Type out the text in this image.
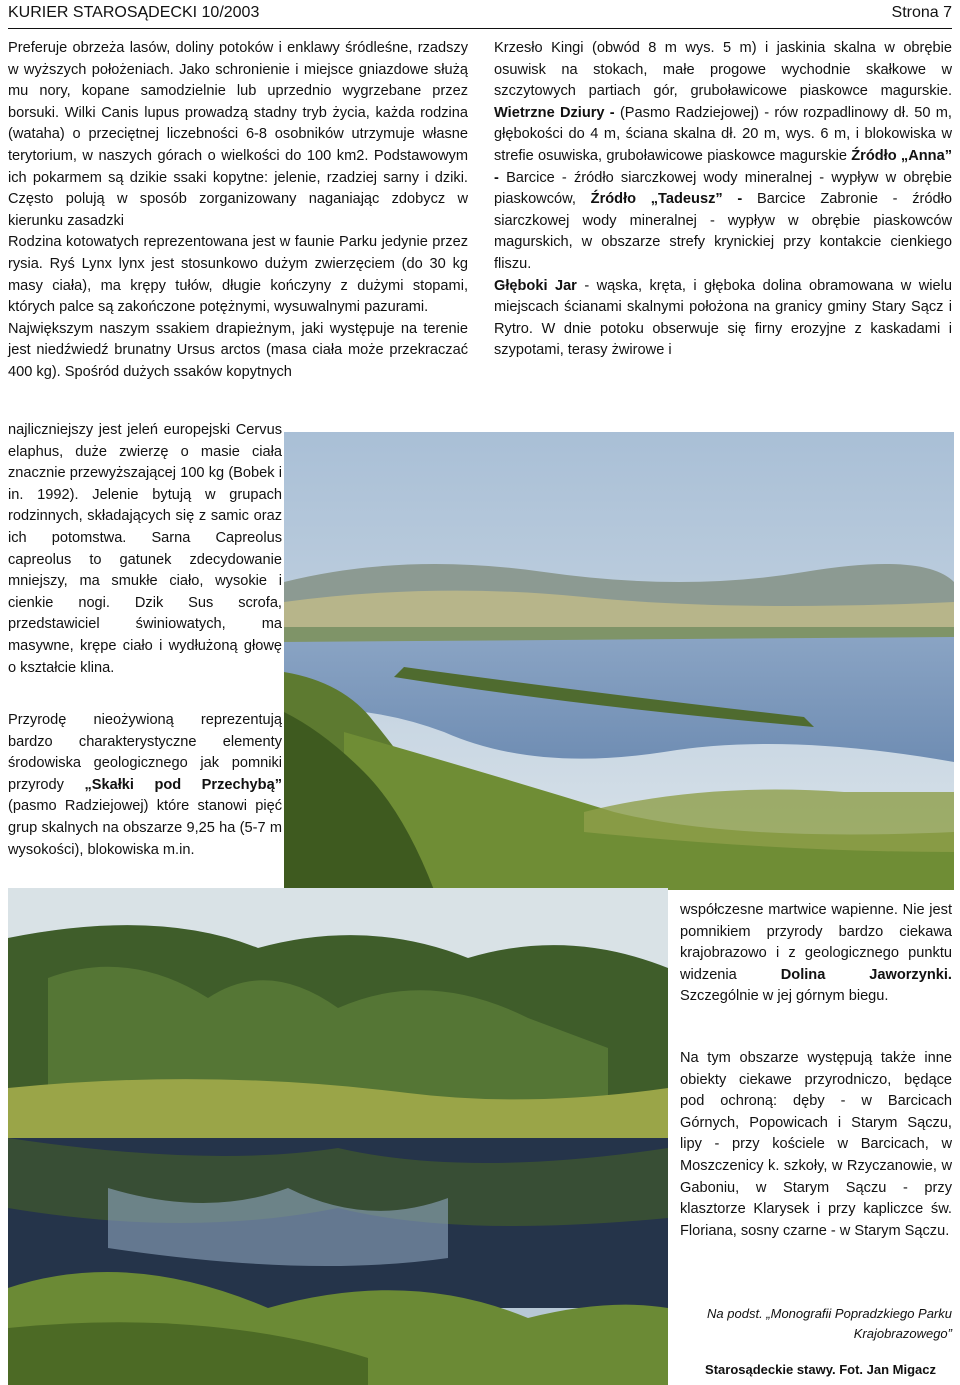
KURIER STAROSĄDECKI 10/2003	Strona 7

Preferuje obrzeża lasów, doliny potoków i enklawy śródleśne, rzadszy w wyższych położeniach. Jako schronienie i miejsce gniazdowe służą mu nory, kopane samodzielnie lub uprzednio wygrzebane przez borsuki. Wilki Canis lupus prowadzą stadny tryb życia, każda rodzina (wataha) o przeciętnej liczebności 6-8 osobników utrzymuje własne terytorium, w naszych górach o wielkości do 100 km2. Podstawowym ich pokarmem są dzikie ssaki kopytne: jelenie, rzadziej sarny i dziki. Często polują w sposób zorganizowany naganiając zdobycz w kierunku zasadzki

Rodzina kotowatych reprezentowana jest w faunie Parku jedynie przez rysia. Ryś Lynx lynx jest stosunkowo dużym zwierzęciem (do 30 kg masy ciała), ma krępy tułów, długie kończyny z dużymi stopami, których palce są zakończone potężnymi, wysuwalnymi pazurami.

Największym naszym ssakiem drapieżnym, jaki występuje na terenie jest niedźwiedź brunatny Ursus arctos (masa ciała może przekraczać 400 kg). Spośród dużych ssaków kopytnych

najliczniejszy jest jeleń europejski Cervus elaphus, duże zwierzę o masie ciała znacznie przewyższającej 100 kg (Bobek i in. 1992). Jelenie bytują w grupach rodzinnych, składających się z samic oraz ich potomstwa. Sarna Capreolus capreolus to gatunek zdecydowanie mniejszy, ma smukłe ciało, wysokie i cienkie nogi. Dzik Sus scrofa, przedstawiciel świniowatych, ma masywne, krępe ciało i wydłużoną głowę o kształcie klina.

Przyrodę nieożywioną reprezentują bardzo charakterystyczne elementy środowiska geologicznego jak pomniki przyrody „Skałki pod Przechybą” (pasmo Radziejowej) które stanowi pięć grup skalnych na obszarze 9,25 ha (5-7 m wysokości), blokowiska m.in.

Krzesło Kingi (obwód 8 m wys. 5 m) i jaskinia skalna w obrębie osuwisk na stokach, małe progowe wychodnie skałkowe w szczytowych partiach gór, gruboławicowe piaskowce magurskie. Wietrzne Dziury - (Pasmo Radziejowej) - rów rozpadlinowy dł. 50 m, głębokości do 4 m, ściana skalna dł. 20 m, wys. 6 m, i blokowiska w strefie osuwiska, gruboławicowe piaskowce magurskie Źródło „Anna” - Barcice - źródło siarczkowej wody mineralnej - wypływ w obrębie piaskowców, Źródło „Tadeusz” - Barcice Zabronie - źródło siarczkowej wody mineralnej - wypływ w obrębie piaskowców magurskich, w obszarze strefy krynickiej przy kontakcie cienkiego fliszu.
Głęboki Jar - wąska, kręta, i głęboka dolina obramowana w wielu miejscach ścianami skalnymi położona na granicy gminy Stary Sącz i Rytro. W dnie potoku obserwuje się firny erozyjne z kaskadami i szypotami, terasy żwirowe i

współczesne martwice wapienne. Nie jest pomnikiem przyrody bardzo ciekawa krajobrazowo i z geologicznego punktu widzenia	Dolina Jaworzynki. Szczególnie w jej górnym biegu.

Na tym obszarze występują także inne obiekty ciekawe przyrodniczo, będące pod ochroną: dęby - w Barcicach Górnych, Popowicach i Starym Sączu, lipy - przy kościele w Barcicach, w Moszczenicy k. szkoły, w Rzyczanowie, w Gaboniu, w Starym Sączu - przy klasztorze Klarysek i przy kapliczce św. Floriana, sosny czarne - w Starym Sączu.

Na podst. „Monografii Popradzkiego Parku Krajobrazowego”
Starosądeckie stawy. Fot. Jan Migacz
